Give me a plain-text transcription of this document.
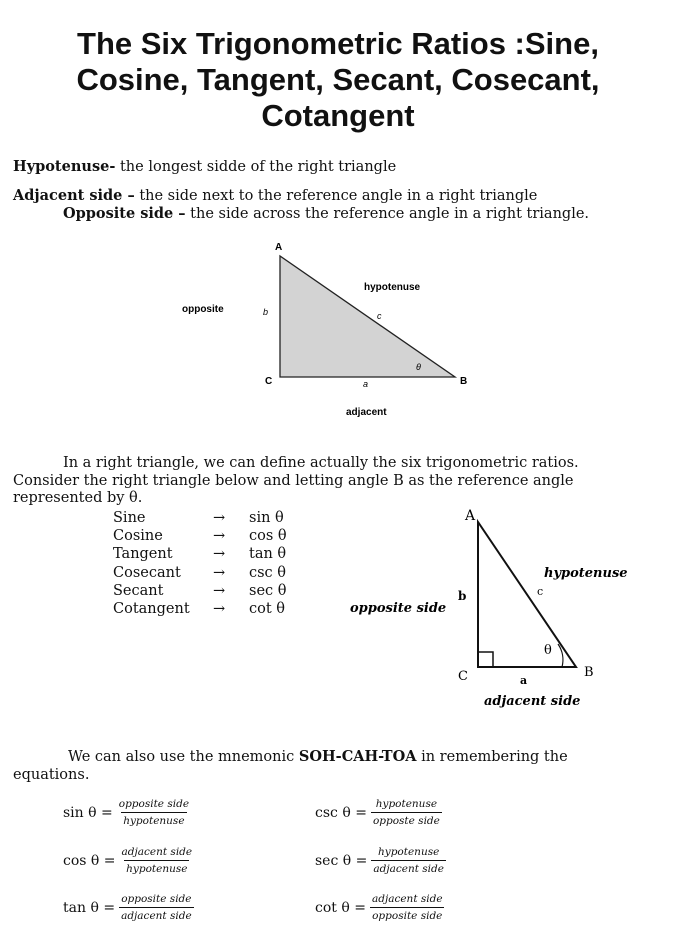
The Six Trigonometric Ratios :Sine,
Cosine, Tangent, Secant, Cosecant,
Cotangent
Hypotenuse- the longest sidde of the right triangle
Adjacent side – the side next to the reference angle in a right triangle
Opposite side – the side across the reference angle in a right triangle.
A
C	B
b	c
a
θ
hypotenuse
opposite
adjacent
In a right triangle, we can define actually the six trigonometric ratios.
Consider the right triangle below and letting angle B as the reference angle
represented by θ.
Sine	→	sin θ
Cosine	→	cos θ
Tangent	→	tan θ
Cosecant	→	csc θ
Secant	→	sec θ
Cotangent	→	cot θ
A
C	B
b	c
a
θ
hypotenuse
opposite side
adjacent side
We can also use the mnemonic SOH-CAH-TOA in remembering the
equations.
$\sin \theta = \frac{\text{opposite side}}{\text{hypotenuse}}$	$\csc \theta = \frac{\text{hypotenuse}}{\text{opposte side}}$
$\cos \theta = \frac{\text{adjacent side}}{\text{hypotenuse}}$	$\sec \theta = \frac{\text{hypotenuse}}{\text{adjacent side}}$
$\tan \theta = \frac{\text{opposite side}}{\text{adjacent side}}$	$\cot \theta = \frac{\text{adjacent side}}{\text{opposite side}}$
